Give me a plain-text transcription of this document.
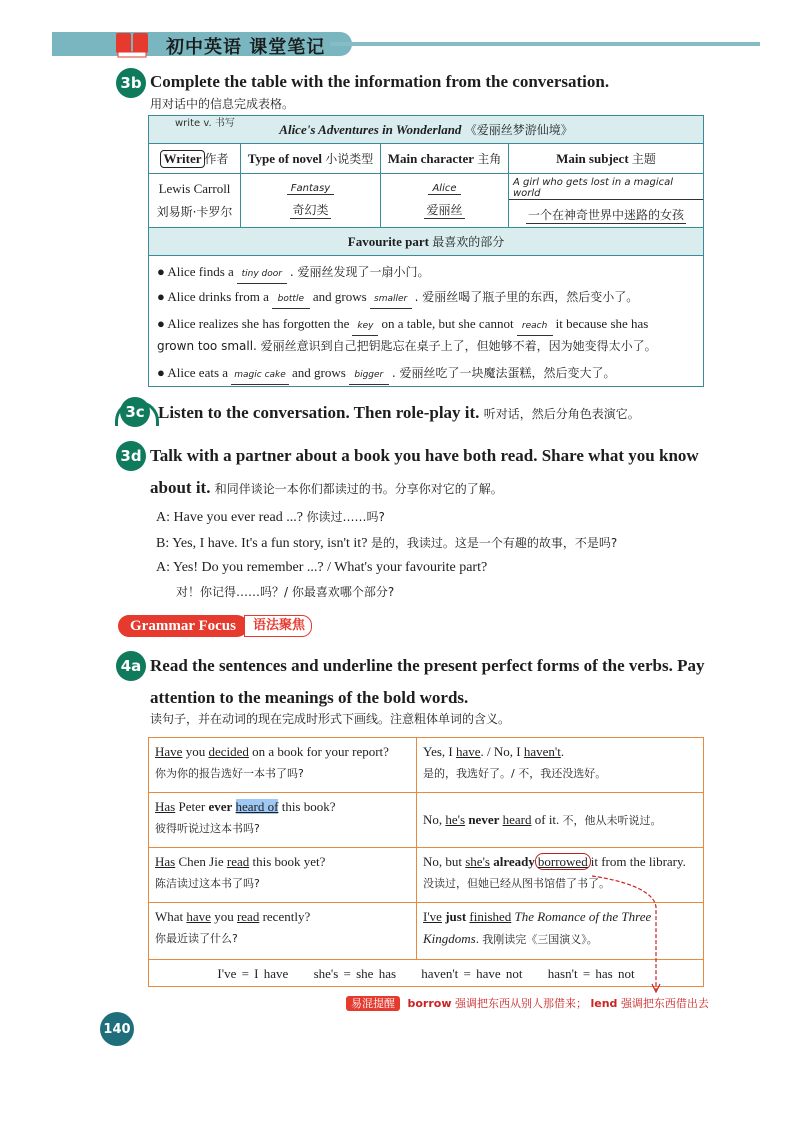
初中英语 课堂笔记
3b Complete the table with the information from the conversation.
用对话中的信息完成表格。
Alice's Adventures in Wonderland 《爱丽丝梦游仙境》
write v. 书写
Writer 作者 Type of novel
小说类型 Main character
主角	Main subject
主题
Lewis Carroll
刘易斯·卡罗尔
Fantasy
奇幻类
Alice
爱丽丝
A girl who gets lost in a magical world
一个在神奇世界中迷路的女孩
Favourite part 最喜欢的部分
● Alice finds a tiny door . 爱丽丝发现了一扇小门。
● Alice drinks from a bottle and grows smaller . 爱丽丝喝了瓶子里的东西，然后变小了。
● Alice realizes she has forgotten the key on a table, but she cannot reach it because she has
grown too small. 爱丽丝意识到自己把钥匙忘在桌子上了，但她够不着，因为她变得太小了。
● Alice eats a magic cake and grows bigger . 爱丽丝吃了一块魔法蛋糕，然后变大了。
3c Listen to the conversation. Then role-play it. 听对话，然后分角色表演它。
3d Talk with a partner about a book you have both read. Share what you know
about it. 和同伴谈论一本你们都读过的书。分享你对它的了解。
A: Have you ever read ...? 你读过……吗?
B: Yes, I have. It's a fun story, isn't it? 是的，我读过。这是一个有趣的故事，不是吗?
A: Yes! Do you remember ...? / What's your favourite part?
对！你记得……吗？/ 你最喜欢哪个部分?
Grammar Focus	语法聚焦
4a Read the sentences and underline the present perfect forms of the verbs. Pay
attention to the meanings of the bold words.
读句子，并在动词的现在完成时形式下画线。注意粗体单词的含义。
Have you decided on a book for your report?
你为你的报告选好一本书了吗?
Yes, I have. / No, I haven't.
是的，我选好了。/ 不，我还没选好。
Has Peter ever heard of this book?
彼得听说过这本书吗?
No, he's never heard of it. 不，他从未听说过。
Has Chen Jie read this book yet?
陈洁读过这本书了吗?
No, but she's already borrowed it from the library.
没读过，但她已经从图书馆借了书了。
What have you read recently?
你最近读了什么?
I've just finished The Romance of the Three Kingdoms. 我刚读完《三国演义》。
I've = I have she's = she has haven't = have not hasn't = has not
易混提醒 borrow 强调把东西从别人那借来； lend 强调把东西借出去
140
